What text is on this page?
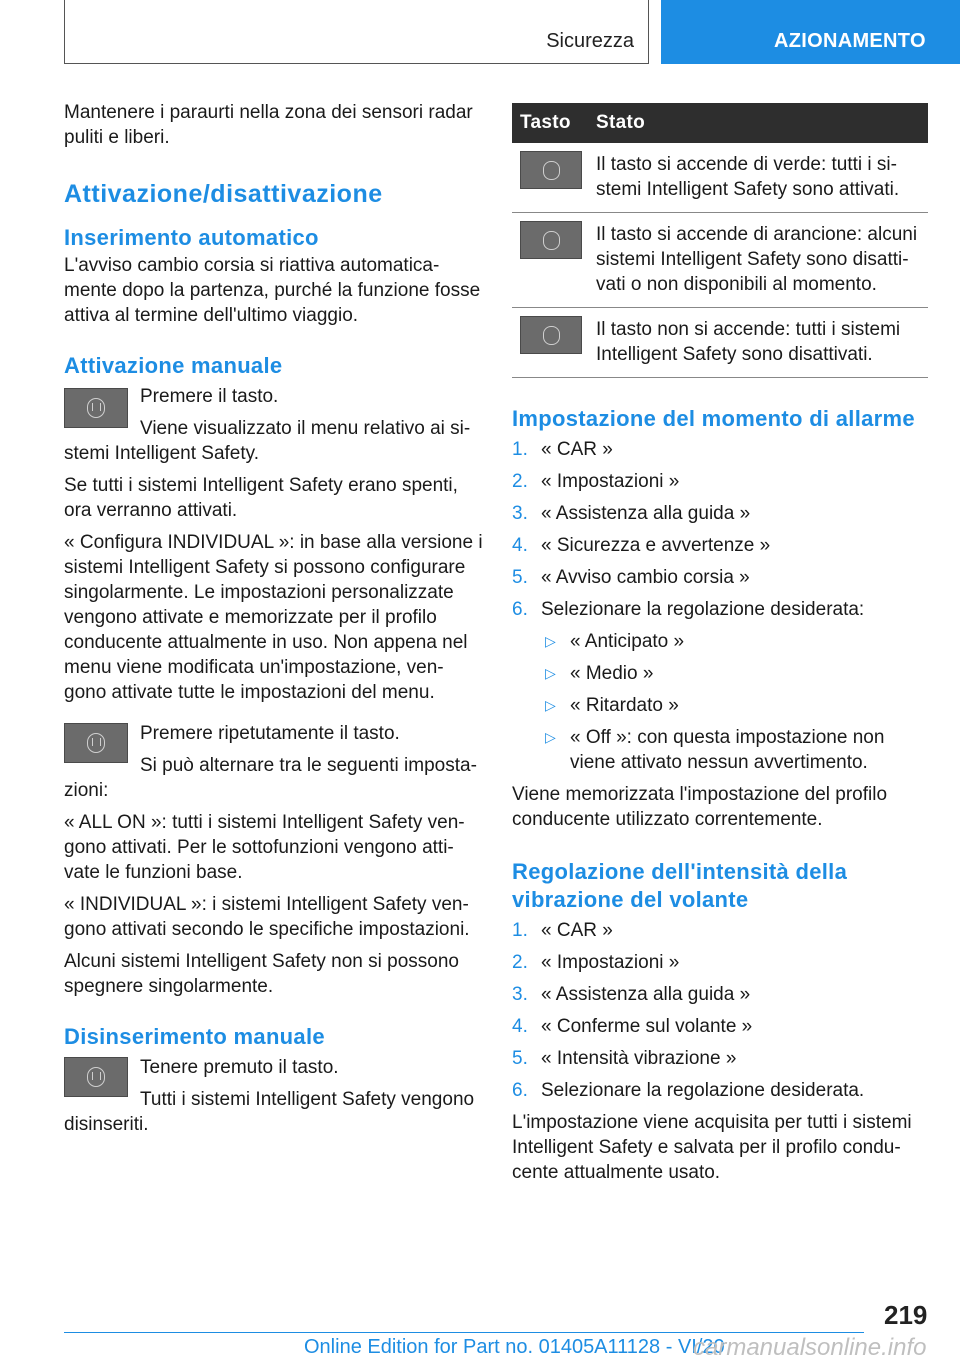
Sicurezza	AZIONAMENTO

Mantenere i paraurti nella zona dei sensori radar puliti e liberi.

Attivazione/disattivazione
Inserimento automatico

L'avviso cambio corsia si riattiva automatica‐mente dopo la partenza, purché la funzione fosse attiva al termine dell'ultimo viaggio.

Attivazione manuale

Premere il tasto.

Viene visualizzato il menu relativo ai si‐stemi Intelligent Safety.

Se tutti i sistemi Intelligent Safety erano spenti, ora verranno attivati.

« Configura INDIVIDUAL »: in base alla versione i sistemi Intelligent Safety si possono configurare singolarmente. Le impostazioni personalizzate vengono attivate e memorizzate per il profilo conducente attualmente in uso. Non appena nel menu viene modificata un'impostazione, ven‐gono attivate tutte le impostazioni del menu.

Premere ripetutamente il tasto.

Si può alternare tra le seguenti imposta‐zioni:

« ALL ON »: tutti i sistemi Intelligent Safety ven‐gono attivati. Per le sottofunzioni vengono atti‐vate le funzioni base.

« INDIVIDUAL »: i sistemi Intelligent Safety ven‐gono attivati secondo le specifiche impostazioni.

Alcuni sistemi Intelligent Safety non si possono spegnere singolarmente.

Disinserimento manuale

Tenere premuto il tasto.

Tutti i sistemi Intelligent Safety vengono disinseriti.

Tasto	Stato

	Il tasto si accende di verde: tutti i si‐stemi Intelligent Safety sono attivati.

	Il tasto si accende di arancione: alcuni sistemi Intelligent Safety sono disatti‐vati o non disponibili al momento.

	Il tasto non si accende: tutti i sistemi Intelligent Safety sono disattivati.
Impostazione del momento di allarme
1. « CAR »
2. « Impostazioni »
3. « Assistenza alla guida »
4. « Sicurezza e avvertenze »
5. « Avviso cambio corsia »
6. Selezionare la regolazione desiderata:
▷ « Anticipato »
▷ « Medio »
▷ « Ritardato »
▷ « Off »: con questa impostazione non viene attivato nessun avvertimento.

Viene memorizzata l'impostazione del profilo conducente utilizzato correntemente.

Regolazione dell'intensità della vibrazione del volante
1. « CAR »
2. « Impostazioni »
3. « Assistenza alla guida »
4. « Conferme sul volante »
5. « Intensità vibrazione »
6. Selezionare la regolazione desiderata.

L'impostazione viene acquisita per tutti i sistemi Intelligent Safety e salvata per il profilo condu‐cente attualmente usato.

219
Online Edition for Part no. 01405A11128 - VI/20
carmanualsonline.info
